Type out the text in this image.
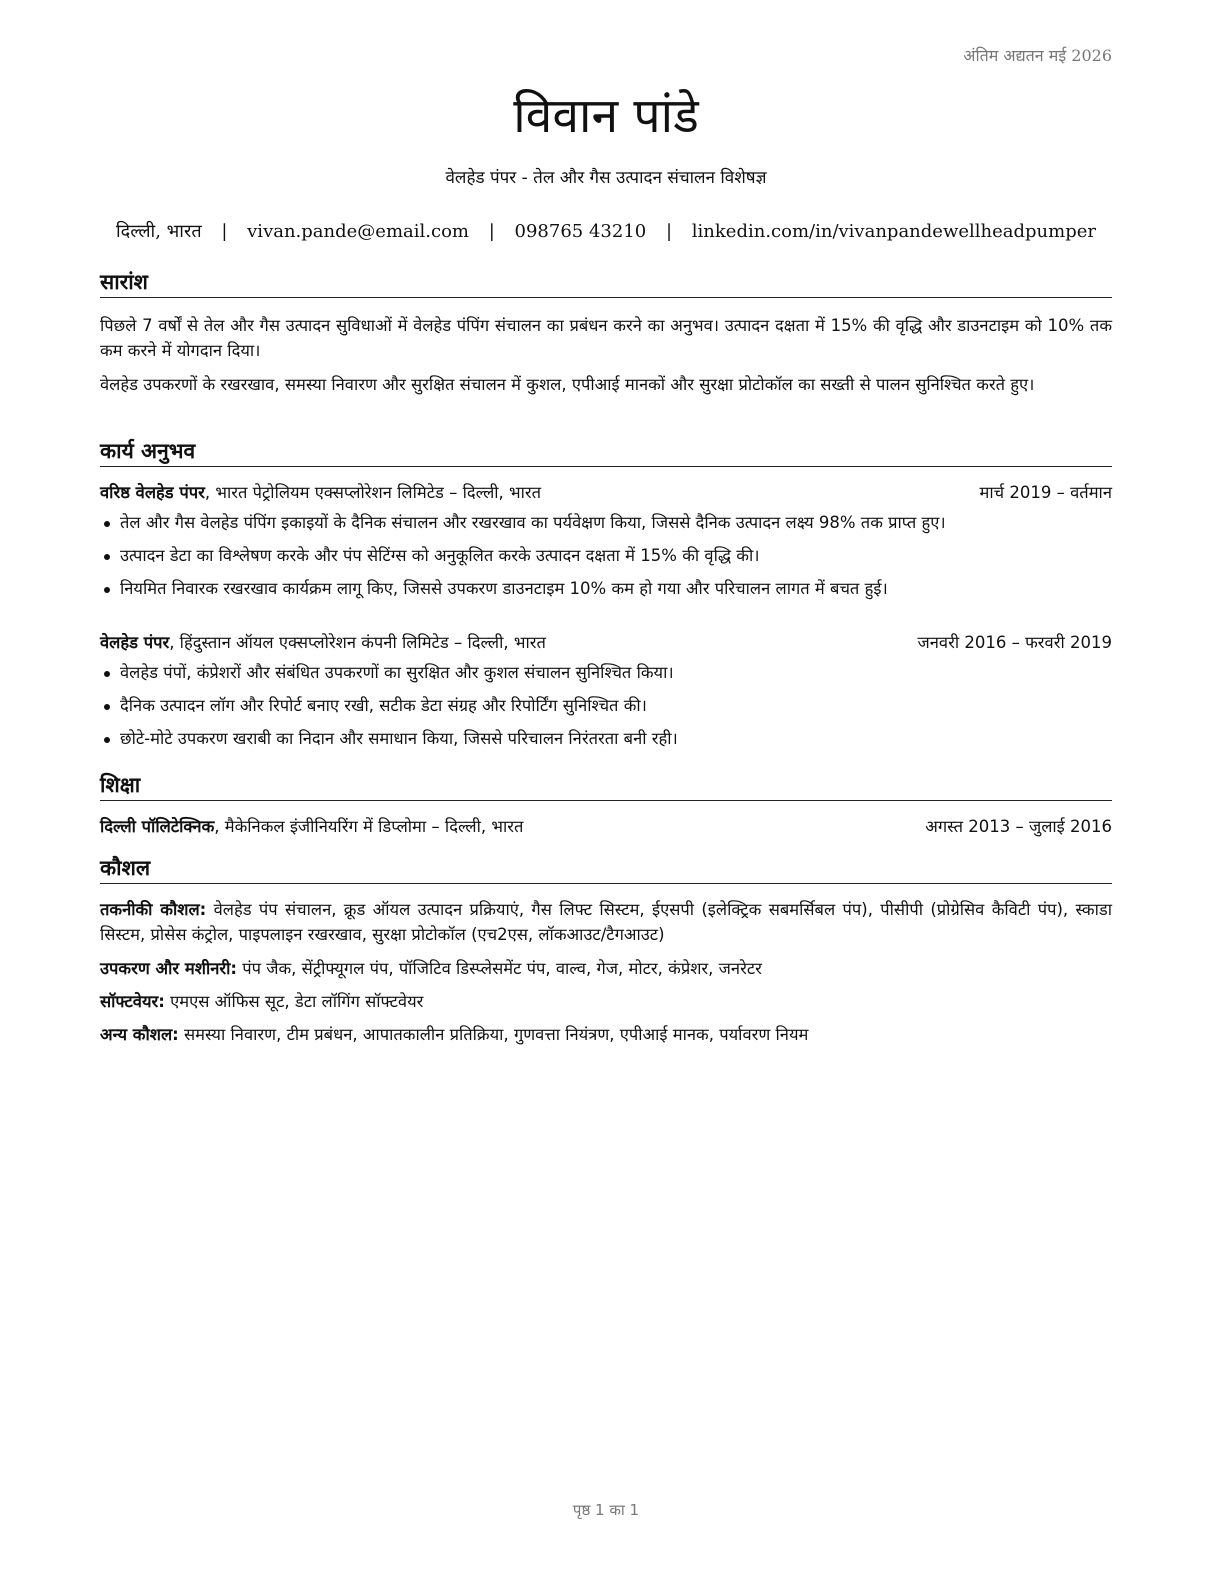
अंतिम अद्यतन मई 2026
विवान पांडे
वेलहेड पंपर - तेल और गैस उत्पादन संचालन विशेषज्ञ
दिल्ली, भारत | vivan.pande@email.com | 098765 43210 | linkedin.com/in/vivanpandewellheadpumper
सारांश
पिछले 7 वर्षों से तेल और गैस उत्पादन सुविधाओं में वेलहेड पंपिंग संचालन का प्रबंधन करने का अनुभव। उत्पादन दक्षता में 15% की वृद्धि और डाउनटाइम को 10% तक कम करने में योगदान दिया।
वेलहेड उपकरणों के रखरखाव, समस्या निवारण और सुरक्षित संचालन में कुशल, एपीआई मानकों और सुरक्षा प्रोटोकॉल का सख्ती से पालन सुनिश्चित करते हुए।
कार्य अनुभव
वरिष्ठ वेलहेड पंपर, भारत पेट्रोलियम एक्सप्लोरेशन लिमिटेड – दिल्ली, भारत	मार्च 2019 – वर्तमान
तेल और गैस वेलहेड पंपिंग इकाइयों के दैनिक संचालन और रखरखाव का पर्यवेक्षण किया, जिससे दैनिक उत्पादन लक्ष्य 98% तक प्राप्त हुए।
उत्पादन डेटा का विश्लेषण करके और पंप सेटिंग्स को अनुकूलित करके उत्पादन दक्षता में 15% की वृद्धि की।
नियमित निवारक रखरखाव कार्यक्रम लागू किए, जिससे उपकरण डाउनटाइम 10% कम हो गया और परिचालन लागत में बचत हुई।
वेलहेड पंपर, हिंदुस्तान ऑयल एक्सप्लोरेशन कंपनी लिमिटेड – दिल्ली, भारत	जनवरी 2016 – फरवरी 2019
वेलहेड पंपों, कंप्रेशरों और संबंधित उपकरणों का सुरक्षित और कुशल संचालन सुनिश्चित किया।
दैनिक उत्पादन लॉग और रिपोर्ट बनाए रखी, सटीक डेटा संग्रह और रिपोर्टिंग सुनिश्चित की।
छोटे-मोटे उपकरण खराबी का निदान और समाधान किया, जिससे परिचालन निरंतरता बनी रही।
शिक्षा
दिल्ली पॉलिटेक्निक, मैकेनिकल इंजीनियरिंग में डिप्लोमा – दिल्ली, भारत	अगस्त 2013 – जुलाई 2016
कौशल
तकनीकी कौशल: वेलहेड पंप संचालन, क्रूड ऑयल उत्पादन प्रक्रियाएं, गैस लिफ्ट सिस्टम, ईएसपी (इलेक्ट्रिक सबमर्सिबल पंप), पीसीपी (प्रोग्रेसिव कैविटी पंप), स्काडा सिस्टम, प्रोसेस कंट्रोल, पाइपलाइन रखरखाव, सुरक्षा प्रोटोकॉल (एच2एस, लॉकआउट/टैगआउट)
उपकरण और मशीनरी: पंप जैक, सेंट्रीफ्यूगल पंप, पॉजिटिव डिस्प्लेसमेंट पंप, वाल्व, गेज, मोटर, कंप्रेशर, जनरेटर
सॉफ्टवेयर: एमएस ऑफिस सूट, डेटा लॉगिंग सॉफ्टवेयर
अन्य कौशल: समस्या निवारण, टीम प्रबंधन, आपातकालीन प्रतिक्रिया, गुणवत्ता नियंत्रण, एपीआई मानक, पर्यावरण नियम
पृष्ठ 1 का 1
